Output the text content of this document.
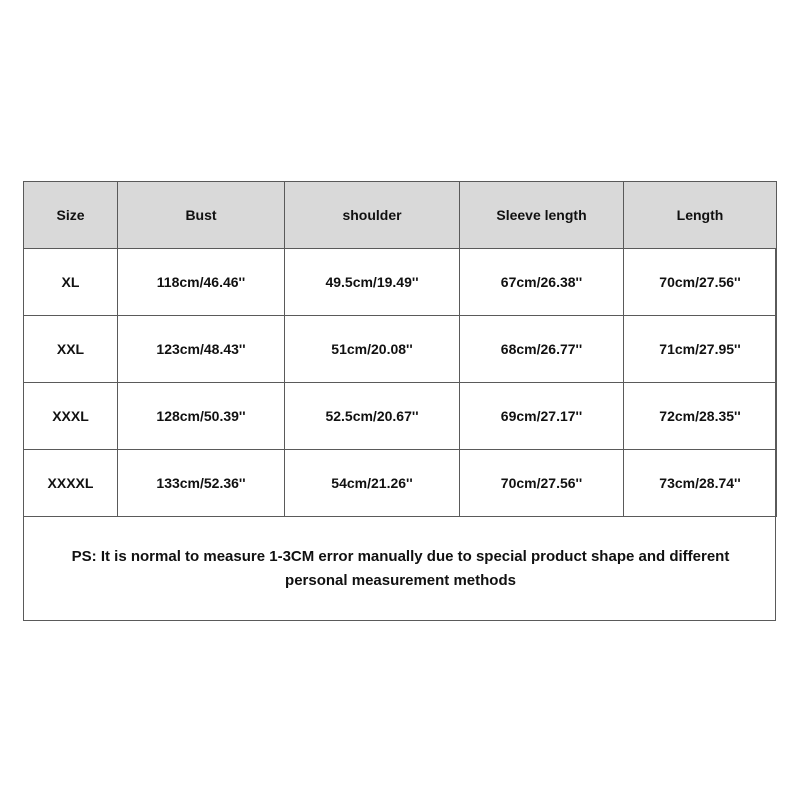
Size	Bust	shoulder	Sleeve length	Length
XL	118cm/46.46''	49.5cm/19.49''	67cm/26.38''	70cm/27.56''
XXL	123cm/48.43''	51cm/20.08''	68cm/26.77''	71cm/27.95''
XXXL	128cm/50.39''	52.5cm/20.67''	69cm/27.17''	72cm/28.35''
XXXXL	133cm/52.36''	54cm/21.26''	70cm/27.56''	73cm/28.74''
PS: It is normal to measure 1-3CM error manually due to special product shape and different
personal measurement methods
